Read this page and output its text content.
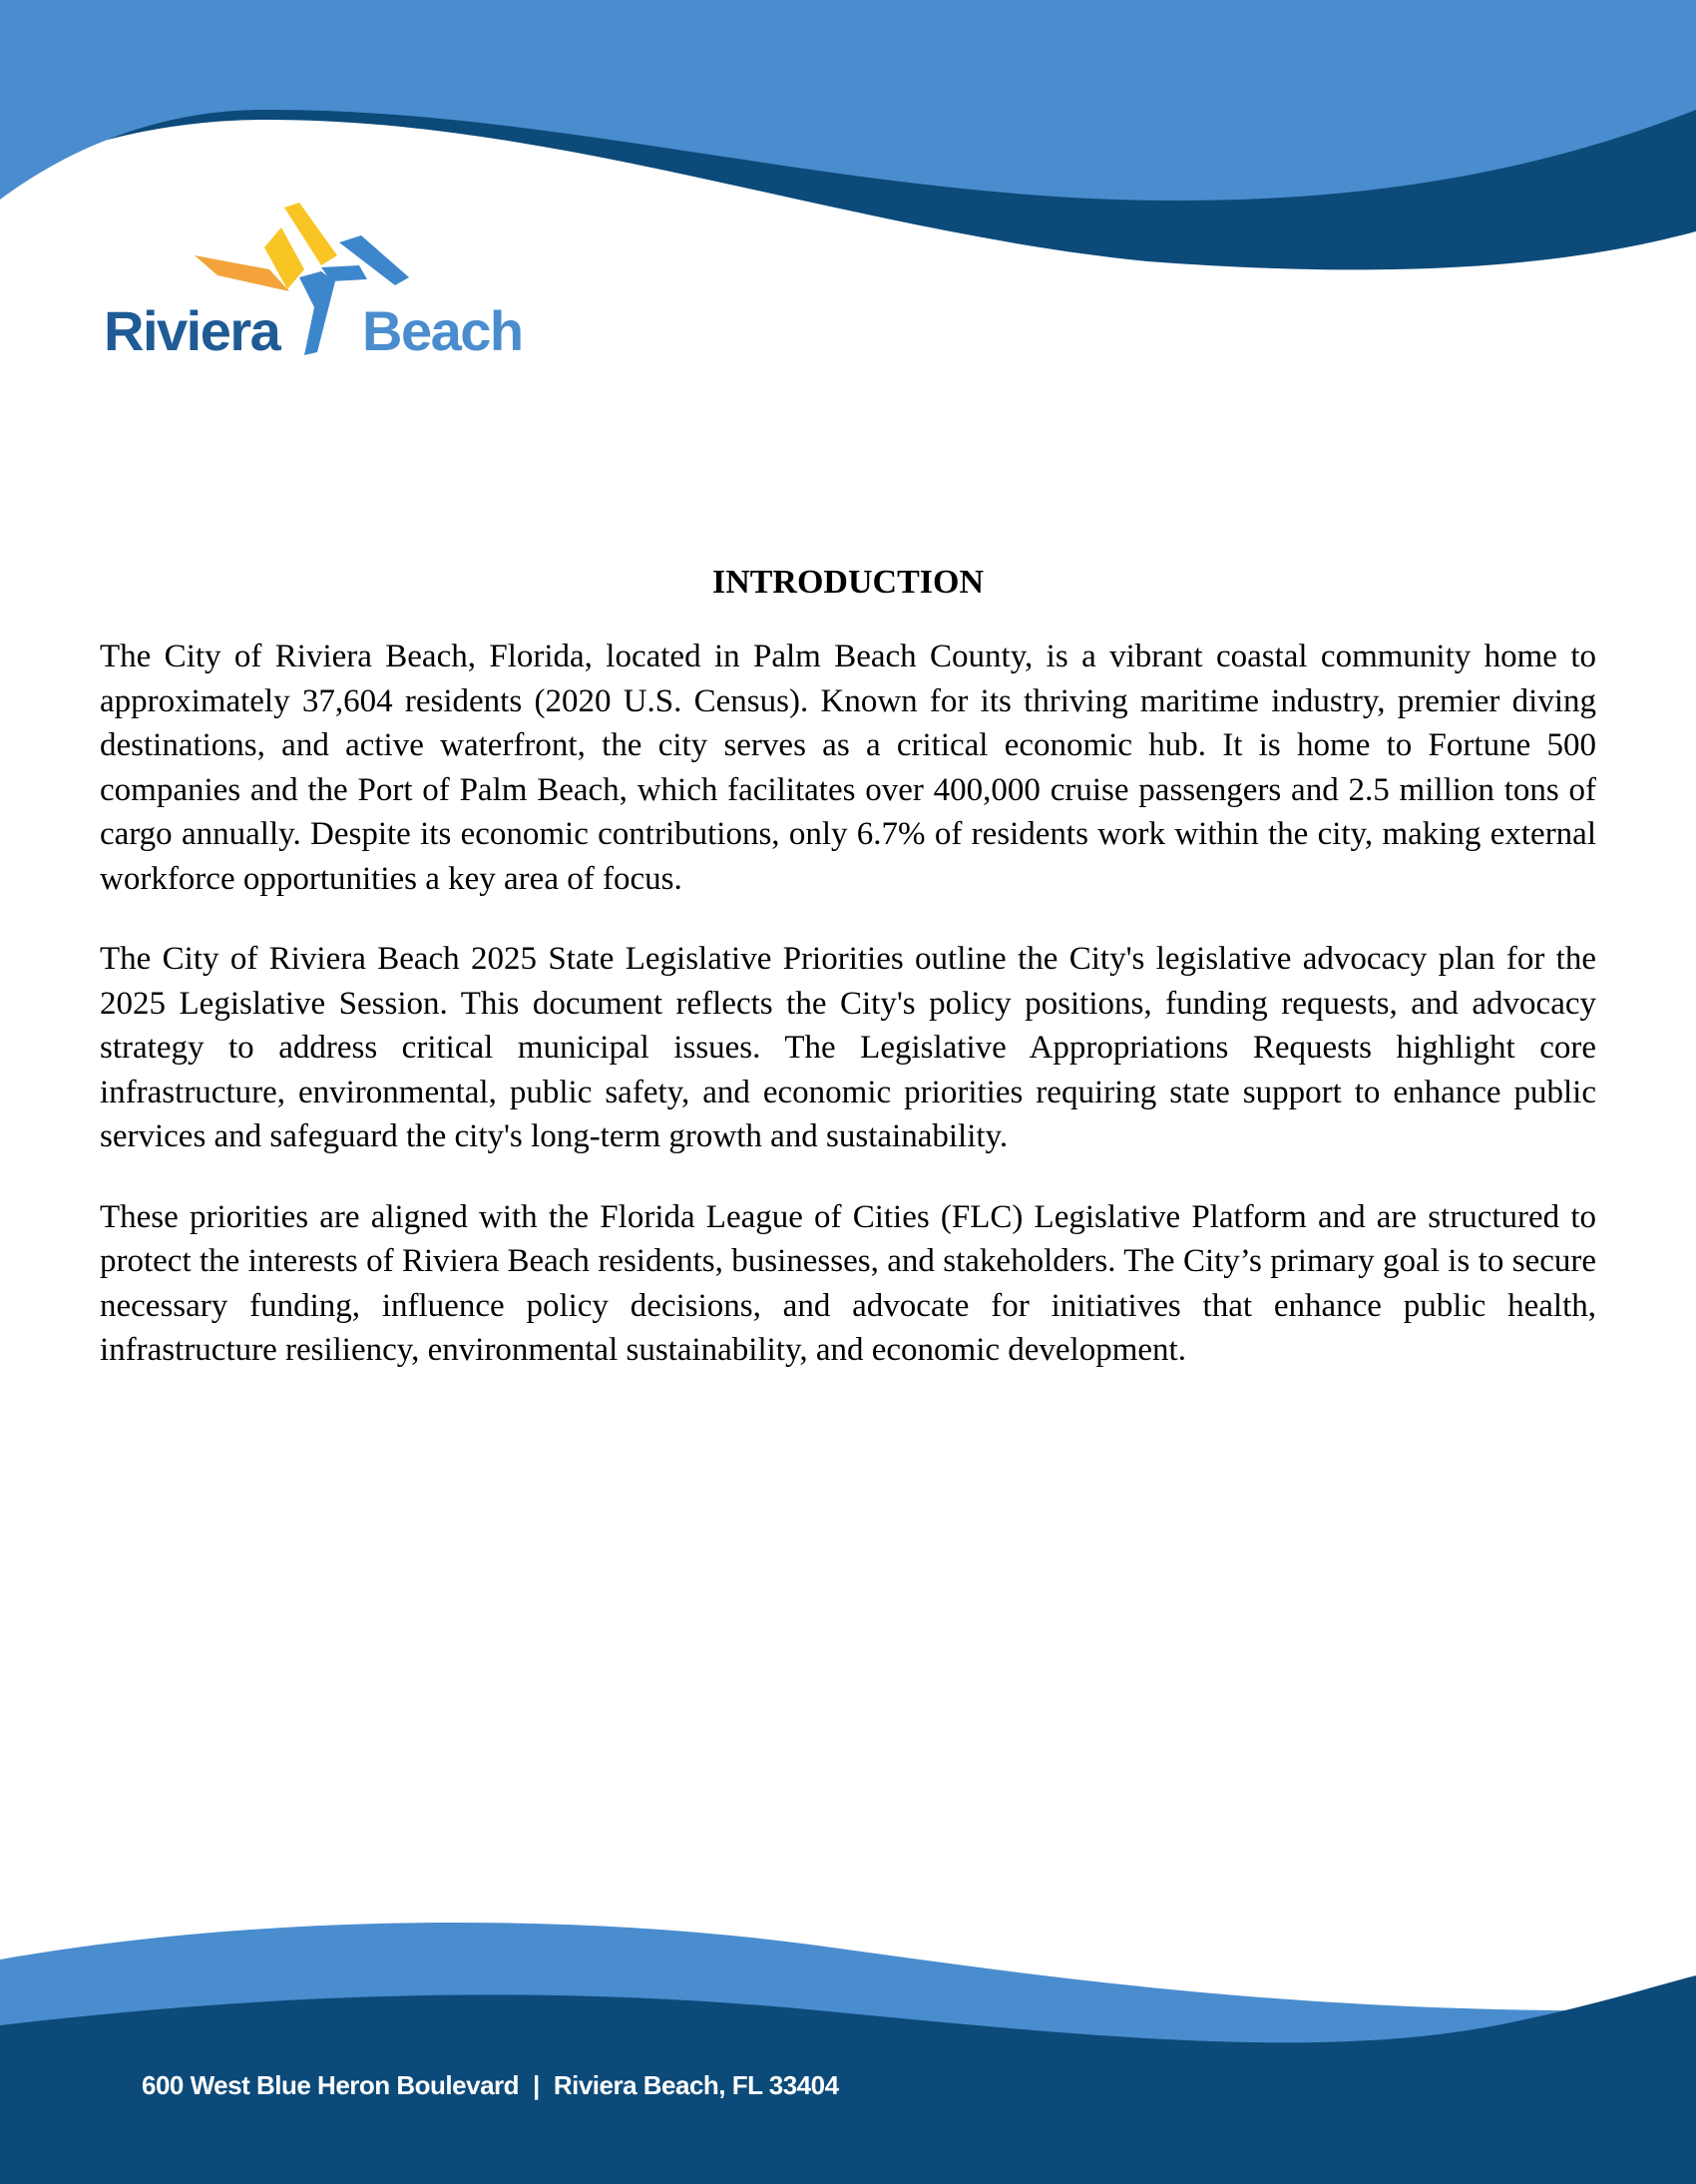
Riviera Beach
INTRODUCTION

The City of Riviera Beach, Florida, located in Palm Beach County, is a vibrant coastal community home to approximately 37,604 residents (2020 U.S. Census). Known for its thriving maritime industry, premier diving destinations, and active waterfront, the city serves as a critical economic hub. It is home to Fortune 500 companies and the Port of Palm Beach, which facilitates over 400,000 cruise passengers and 2.5 million tons of cargo annually. Despite its economic contributions, only 6.7% of residents work within the city, making external workforce opportunities a key area of focus.

The City of Riviera Beach 2025 State Legislative Priorities outline the City's legislative advocacy plan for the 2025 Legislative Session. This document reflects the City's policy positions, funding requests, and advocacy strategy to address critical municipal issues. The Legislative Appropriations Requests highlight core infrastructure, environmental, public safety, and economic priorities requiring state support to enhance public services and safeguard the city's long-term growth and sustainability.

These priorities are aligned with the Florida League of Cities (FLC) Legislative Platform and are structured to protect the interests of Riviera Beach residents, businesses, and stakeholders. The City’s primary goal is to secure necessary funding, influence policy decisions, and advocate for initiatives that enhance public health, infrastructure resiliency, environmental sustainability, and economic development.

600 West Blue Heron Boulevard | Riviera Beach, FL 33404
